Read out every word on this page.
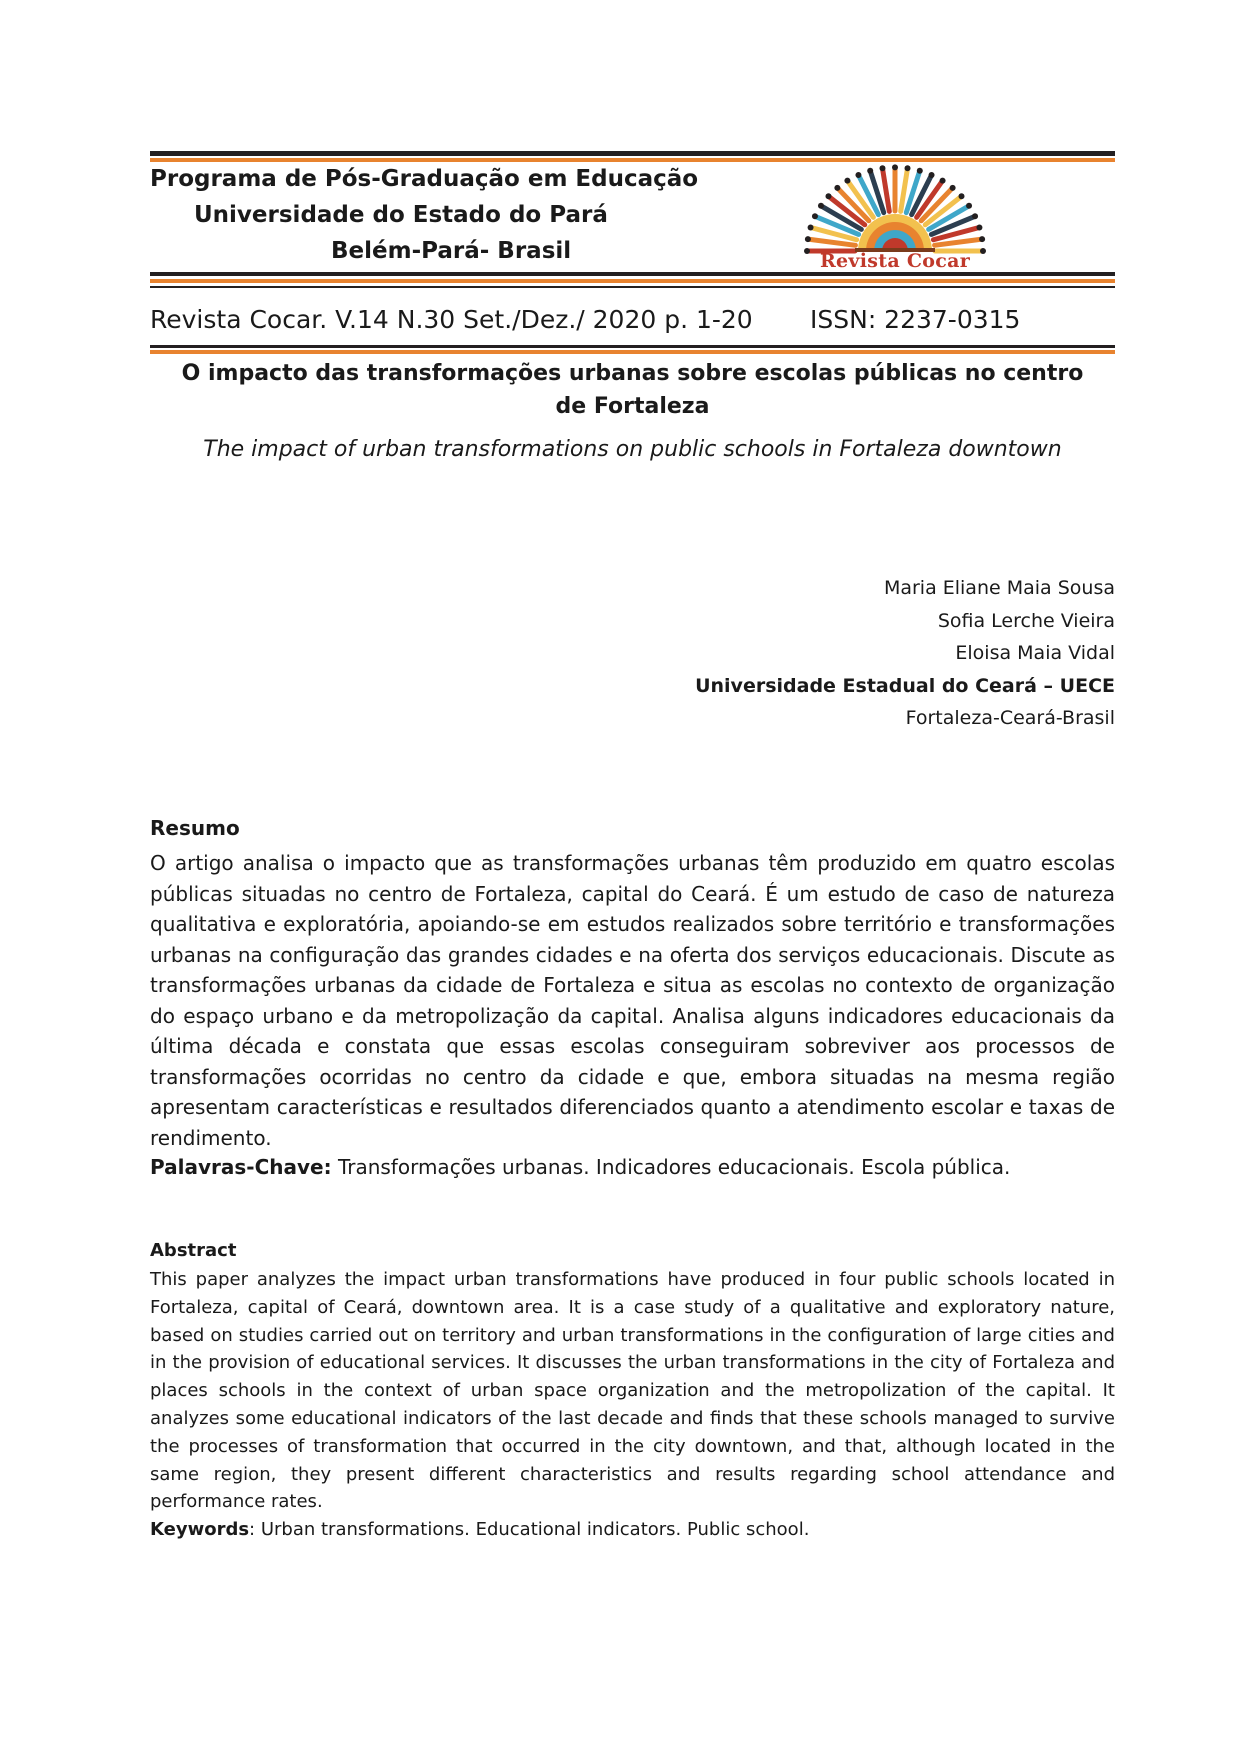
Programa de Pós-Graduação em Educação
Universidade do Estado do Pará
Belém-Pará- Brasil	Revista Cocar
Revista Cocar. V.14 N.30 Set./Dez./ 2020 p. 1-20 ISSN: 2237-0315
O impacto das transformações urbanas sobre escolas públicas no centro de Fortaleza
The impact of urban transformations on public schools in Fortaleza downtown
Maria Eliane Maia Sousa
Sofia Lerche Vieira
Eloisa Maia Vidal
Universidade Estadual do Ceará – UECE
Fortaleza-Ceará-Brasil
Resumo
O artigo analisa o impacto que as transformações urbanas têm produzido em quatro escolas públicas situadas no centro de Fortaleza, capital do Ceará. É um estudo de caso de natureza qualitativa e exploratória, apoiando-se em estudos realizados sobre território e transformações urbanas na configuração das grandes cidades e na oferta dos serviços educacionais. Discute as transformações urbanas da cidade de Fortaleza e situa as escolas no contexto de organização do espaço urbano e da metropolização da capital. Analisa alguns indicadores educacionais da última década e constata que essas escolas conseguiram sobreviver aos processos de transformações ocorridas no centro da cidade e que, embora situadas na mesma região apresentam características e resultados diferenciados quanto a atendimento escolar e taxas de rendimento.
Palavras-Chave: Transformações urbanas. Indicadores educacionais. Escola pública.
Abstract
This paper analyzes the impact urban transformations have produced in four public schools located in Fortaleza, capital of Ceará, downtown area. It is a case study of a qualitative and exploratory nature, based on studies carried out on territory and urban transformations in the configuration of large cities and in the provision of educational services. It discusses the urban transformations in the city of Fortaleza and places schools in the context of urban space organization and the metropolization of the capital. It analyzes some educational indicators of the last decade and finds that these schools managed to survive the processes of transformation that occurred in the city downtown, and that, although located in the same region, they present different characteristics and results regarding school attendance and performance rates.
Keywords: Urban transformations. Educational indicators. Public school.
